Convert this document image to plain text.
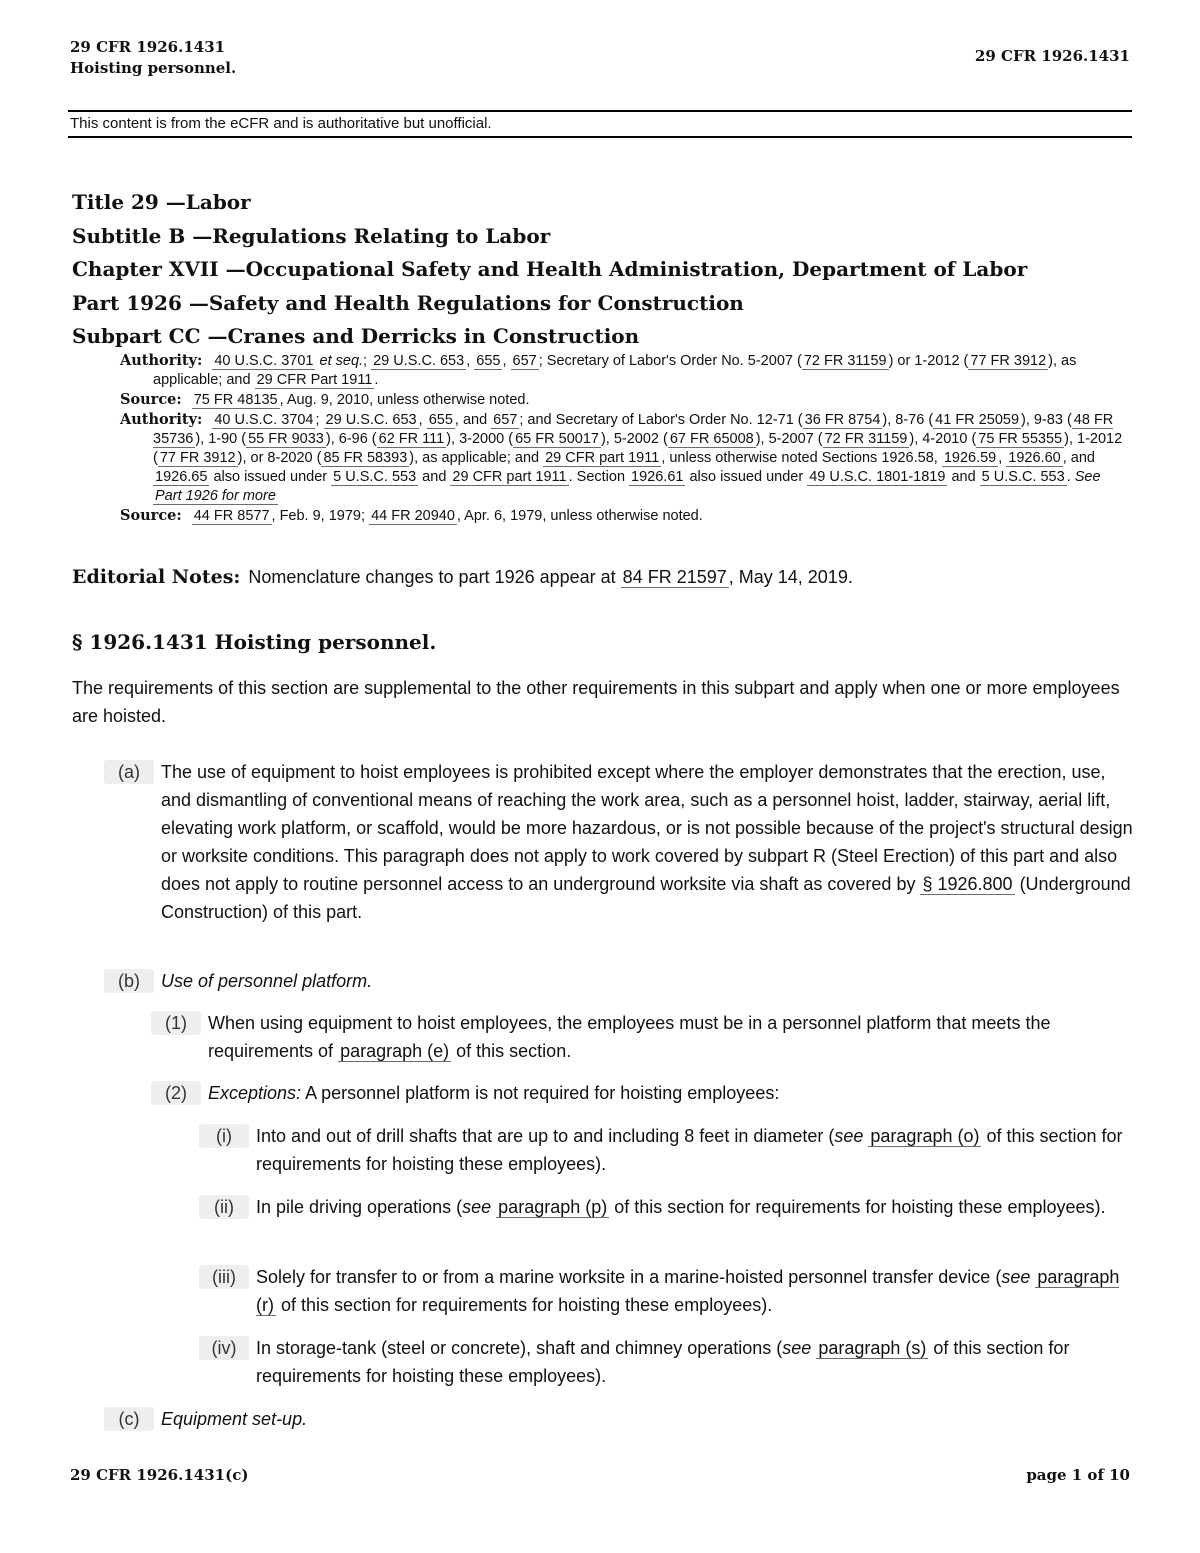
29 CFR 1926.1431
Hoisting personnel.
29 CFR 1926.1431
This content is from the eCFR and is authoritative but unofficial.
Title 29 —Labor
Subtitle B —Regulations Relating to Labor
Chapter XVII —Occupational Safety and Health Administration, Department of Labor
Part 1926 —Safety and Health Regulations for Construction
Subpart CC —Cranes and Derricks in Construction

Authority: 40 U.S.C. 3701 et seq.; 29 U.S.C. 653 , 655 , 657 ; Secretary of Labor's Order No. 5-2007 ( 72 FR 31159 ) or 1-2012 ( 77 FR 3912 ), as applicable; and 29 CFR Part 1911 .

Source: 75 FR 48135 , Aug. 9, 2010, unless otherwise noted.

Authority: 40 U.S.C. 3704 ; 29 U.S.C. 653 , 655 , and 657 ; and Secretary of Labor's Order No. 12-71 ( 36 FR 8754 ), 8-76 ( 41 FR 25059 ), 9-83 ( 48 FR 35736 ), 1-90 ( 55 FR 9033 ), 6-96 ( 62 FR 111 ), 3-2000 ( 65 FR 50017 ), 5-2002 ( 67 FR 65008 ), 5-2007 ( 72 FR 31159 ), 4-2010 ( 75 FR 55355 ), 1-2012 ( 77 FR 3912 ), or 8-2020 ( 85 FR 58393 ), as applicable; and 29 CFR part 1911 , unless otherwise noted Sections 1926.58, 1926.59 , 1926.60 , and 1926.65 also issued under 5 U.S.C. 553 and 29 CFR part 1911 . Section 1926.61 also issued under 49 U.S.C. 1801-1819 and 5 U.S.C. 553 . See Part 1926 for more

Source: 44 FR 8577 , Feb. 9, 1979; 44 FR 20940 , Apr. 6, 1979, unless otherwise noted.

Editorial Notes: Nomenclature changes to part 1926 appear at 84 FR 21597 , May 14, 2019.
§ 1926.1431 Hoisting personnel.
The requirements of this section are supplemental to the other requirements in this subpart and apply when one or more employees are hoisted.
(a)	The use of equipment to hoist employees is prohibited except where the employer demonstrates that the erection, use, and dismantling of conventional means of reaching the work area, such as a personnel hoist, ladder, stairway, aerial lift, elevating work platform, or scaffold, would be more hazardous, or is not possible because of the project's structural design or worksite conditions. This paragraph does not apply to work covered by subpart R (Steel Erection) of this part and also does not apply to routine personnel access to an underground worksite via shaft as covered by § 1926.800 (Underground Construction) of this part.
(b)	Use of personnel platform.
(1)	When using equipment to hoist employees, the employees must be in a personnel platform that meets the requirements of paragraph (e) of this section.
(2)	Exceptions: A personnel platform is not required for hoisting employees:
(i)	Into and out of drill shafts that are up to and including 8 feet in diameter (see paragraph (o) of this section for requirements for hoisting these employees).
(ii)	In pile driving operations (see paragraph (p) of this section for requirements for hoisting these employees).
(iii)	Solely for transfer to or from a marine worksite in a marine-hoisted personnel transfer device (see paragraph (r) of this section for requirements for hoisting these employees).
(iv)	In storage-tank (steel or concrete), shaft and chimney operations (see paragraph (s) of this section for requirements for hoisting these employees).
(c)	Equipment set-up.
29 CFR 1926.1431(c)	page 1 of 10
